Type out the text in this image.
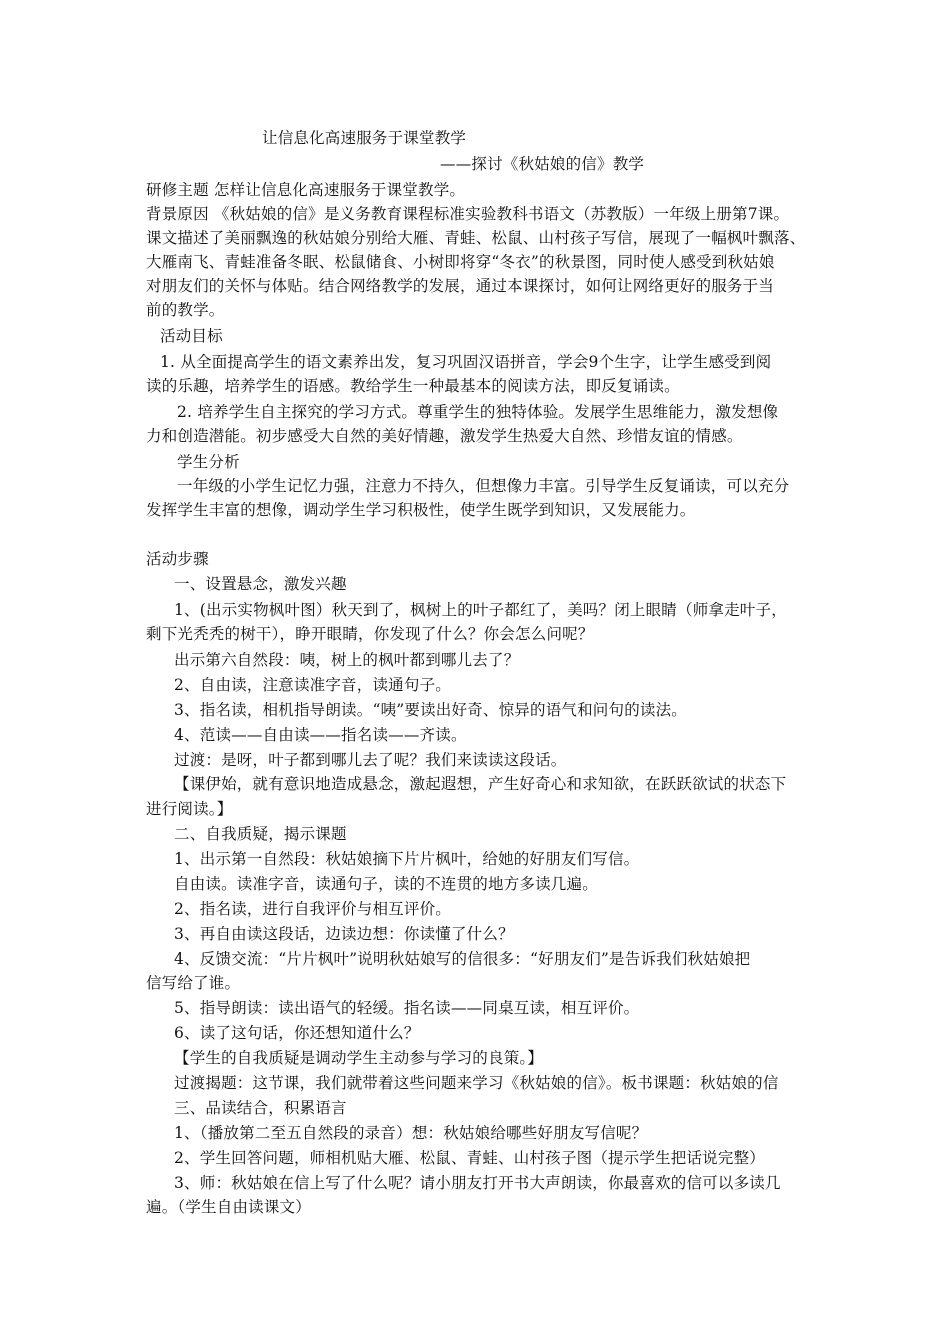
让信息化高速服务于课堂教学
——探讨《秋姑娘的信》教学
研修主题 怎样让信息化高速服务于课堂教学。
背景原因 《秋姑娘的信》是义务教育课程标准实验教科书语文（苏教版）一年级上册第7课。
课文描述了美丽飘逸的秋姑娘分别给大雁、青蛙、松鼠、山村孩子写信，展现了一幅枫叶飘落、
大雁南飞、青蛙准备冬眠、松鼠储食、小树即将穿“冬衣”的秋景图，同时使人感受到秋姑娘
对朋友们的关怀与体贴。结合网络教学的发展，通过本课探讨，如何让网络更好的服务于当
前的教学。
活动目标
1. 从全面提高学生的语文素养出发，复习巩固汉语拼音，学会9个生字，让学生感受到阅
读的乐趣，培养学生的语感。教给学生一种最基本的阅读方法，即反复诵读。
2. 培养学生自主探究的学习方式。尊重学生的独特体验。发展学生思维能力，激发想像
力和创造潜能。初步感受大自然的美好情趣，激发学生热爱大自然、珍惜友谊的情感。
学生分析
一年级的小学生记忆力强，注意力不持久，但想像力丰富。引导学生反复诵读，可以充分
发挥学生丰富的想像，调动学生学习积极性，使学生既学到知识，又发展能力。
活动步骤
一、设置悬念，激发兴趣
1、(出示实物枫叶图）秋天到了，枫树上的叶子都红了，美吗？闭上眼睛（师拿走叶子，
剩下光秃秃的树干），睁开眼睛，你发现了什么？你会怎么问呢？
出示第六自然段：咦，树上的枫叶都到哪儿去了？
2、自由读，注意读准字音，读通句子。
3、指名读，相机指导朗读。“咦”要读出好奇、惊异的语气和问句的读法。
4、范读——自由读——指名读——齐读。
过渡：是呀，叶子都到哪儿去了呢？我们来读读这段话。
【课伊始，就有意识地造成悬念，激起遐想，产生好奇心和求知欲，在跃跃欲试的状态下
进行阅读。】
二、自我质疑，揭示课题
1、出示第一自然段：秋姑娘摘下片片枫叶，给她的好朋友们写信。
自由读。读准字音，读通句子，读的不连贯的地方多读几遍。
2、指名读，进行自我评价与相互评价。
3、再自由读这段话，边读边想：你读懂了什么？
4、反馈交流：“片片枫叶”说明秋姑娘写的信很多：“好朋友们”是告诉我们秋姑娘把
信写给了谁。
5、指导朗读：读出语气的轻缓。指名读——同桌互读，相互评价。
6、读了这句话，你还想知道什么？
【学生的自我质疑是调动学生主动参与学习的良策。】
过渡揭题：这节课，我们就带着这些问题来学习《秋姑娘的信》。板书课题：秋姑娘的信
三、品读结合，积累语言
1、（播放第二至五自然段的录音）想：秋姑娘给哪些好朋友写信呢？
2、学生回答问题，师相机贴大雁、松鼠、青蛙、山村孩子图（提示学生把话说完整）
3、师：秋姑娘在信上写了什么呢？请小朋友打开书大声朗读，你最喜欢的信可以多读几
遍。（学生自由读课文）
